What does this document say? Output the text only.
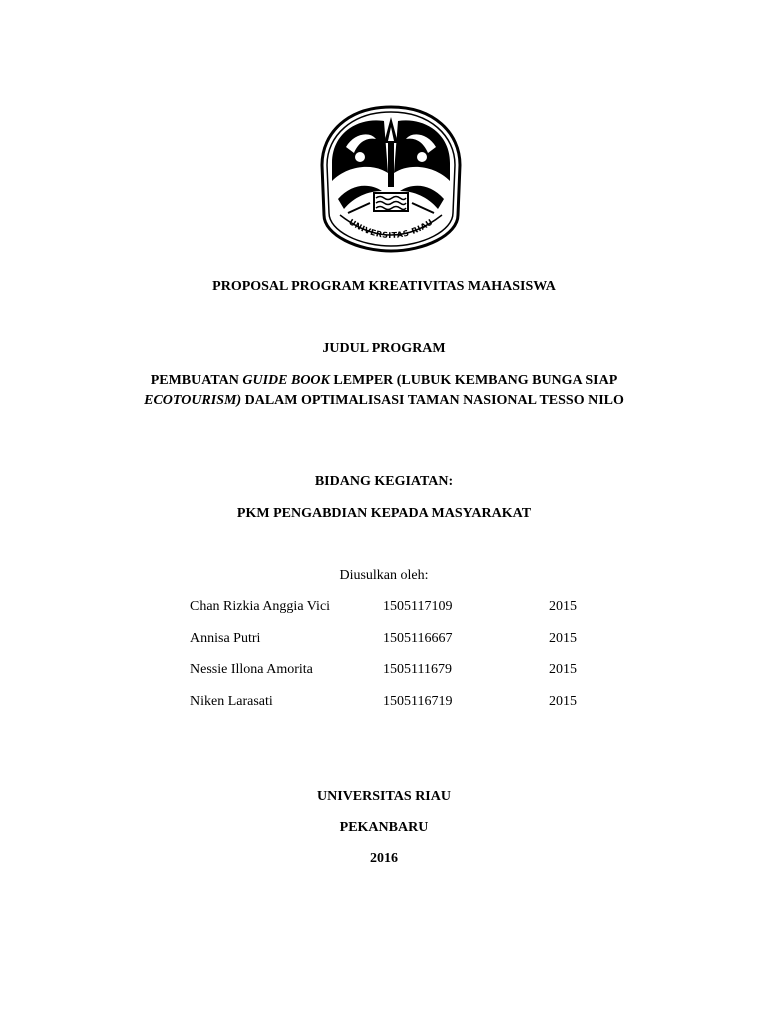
UNIVERSITAS RIAU
PROPOSAL PROGRAM KREATIVITAS MAHASISWA
JUDUL PROGRAM
PEMBUATAN GUIDE BOOK LEMPER (LUBUK KEMBANG BUNGA SIAP ECOTOURISM) DALAM OPTIMALISASI TAMAN NASIONAL TESSO NILO
BIDANG KEGIATAN:
PKM PENGABDIAN KEPADA MASYARAKAT
Diusulkan oleh:
Chan Rizkia Anggia Vici	1505117109	2015
Annisa Putri	1505116667	2015
Nessie Illona Amorita	1505111679	2015
Niken Larasati	1505116719	2015
UNIVERSITAS RIAU
PEKANBARU
2016
